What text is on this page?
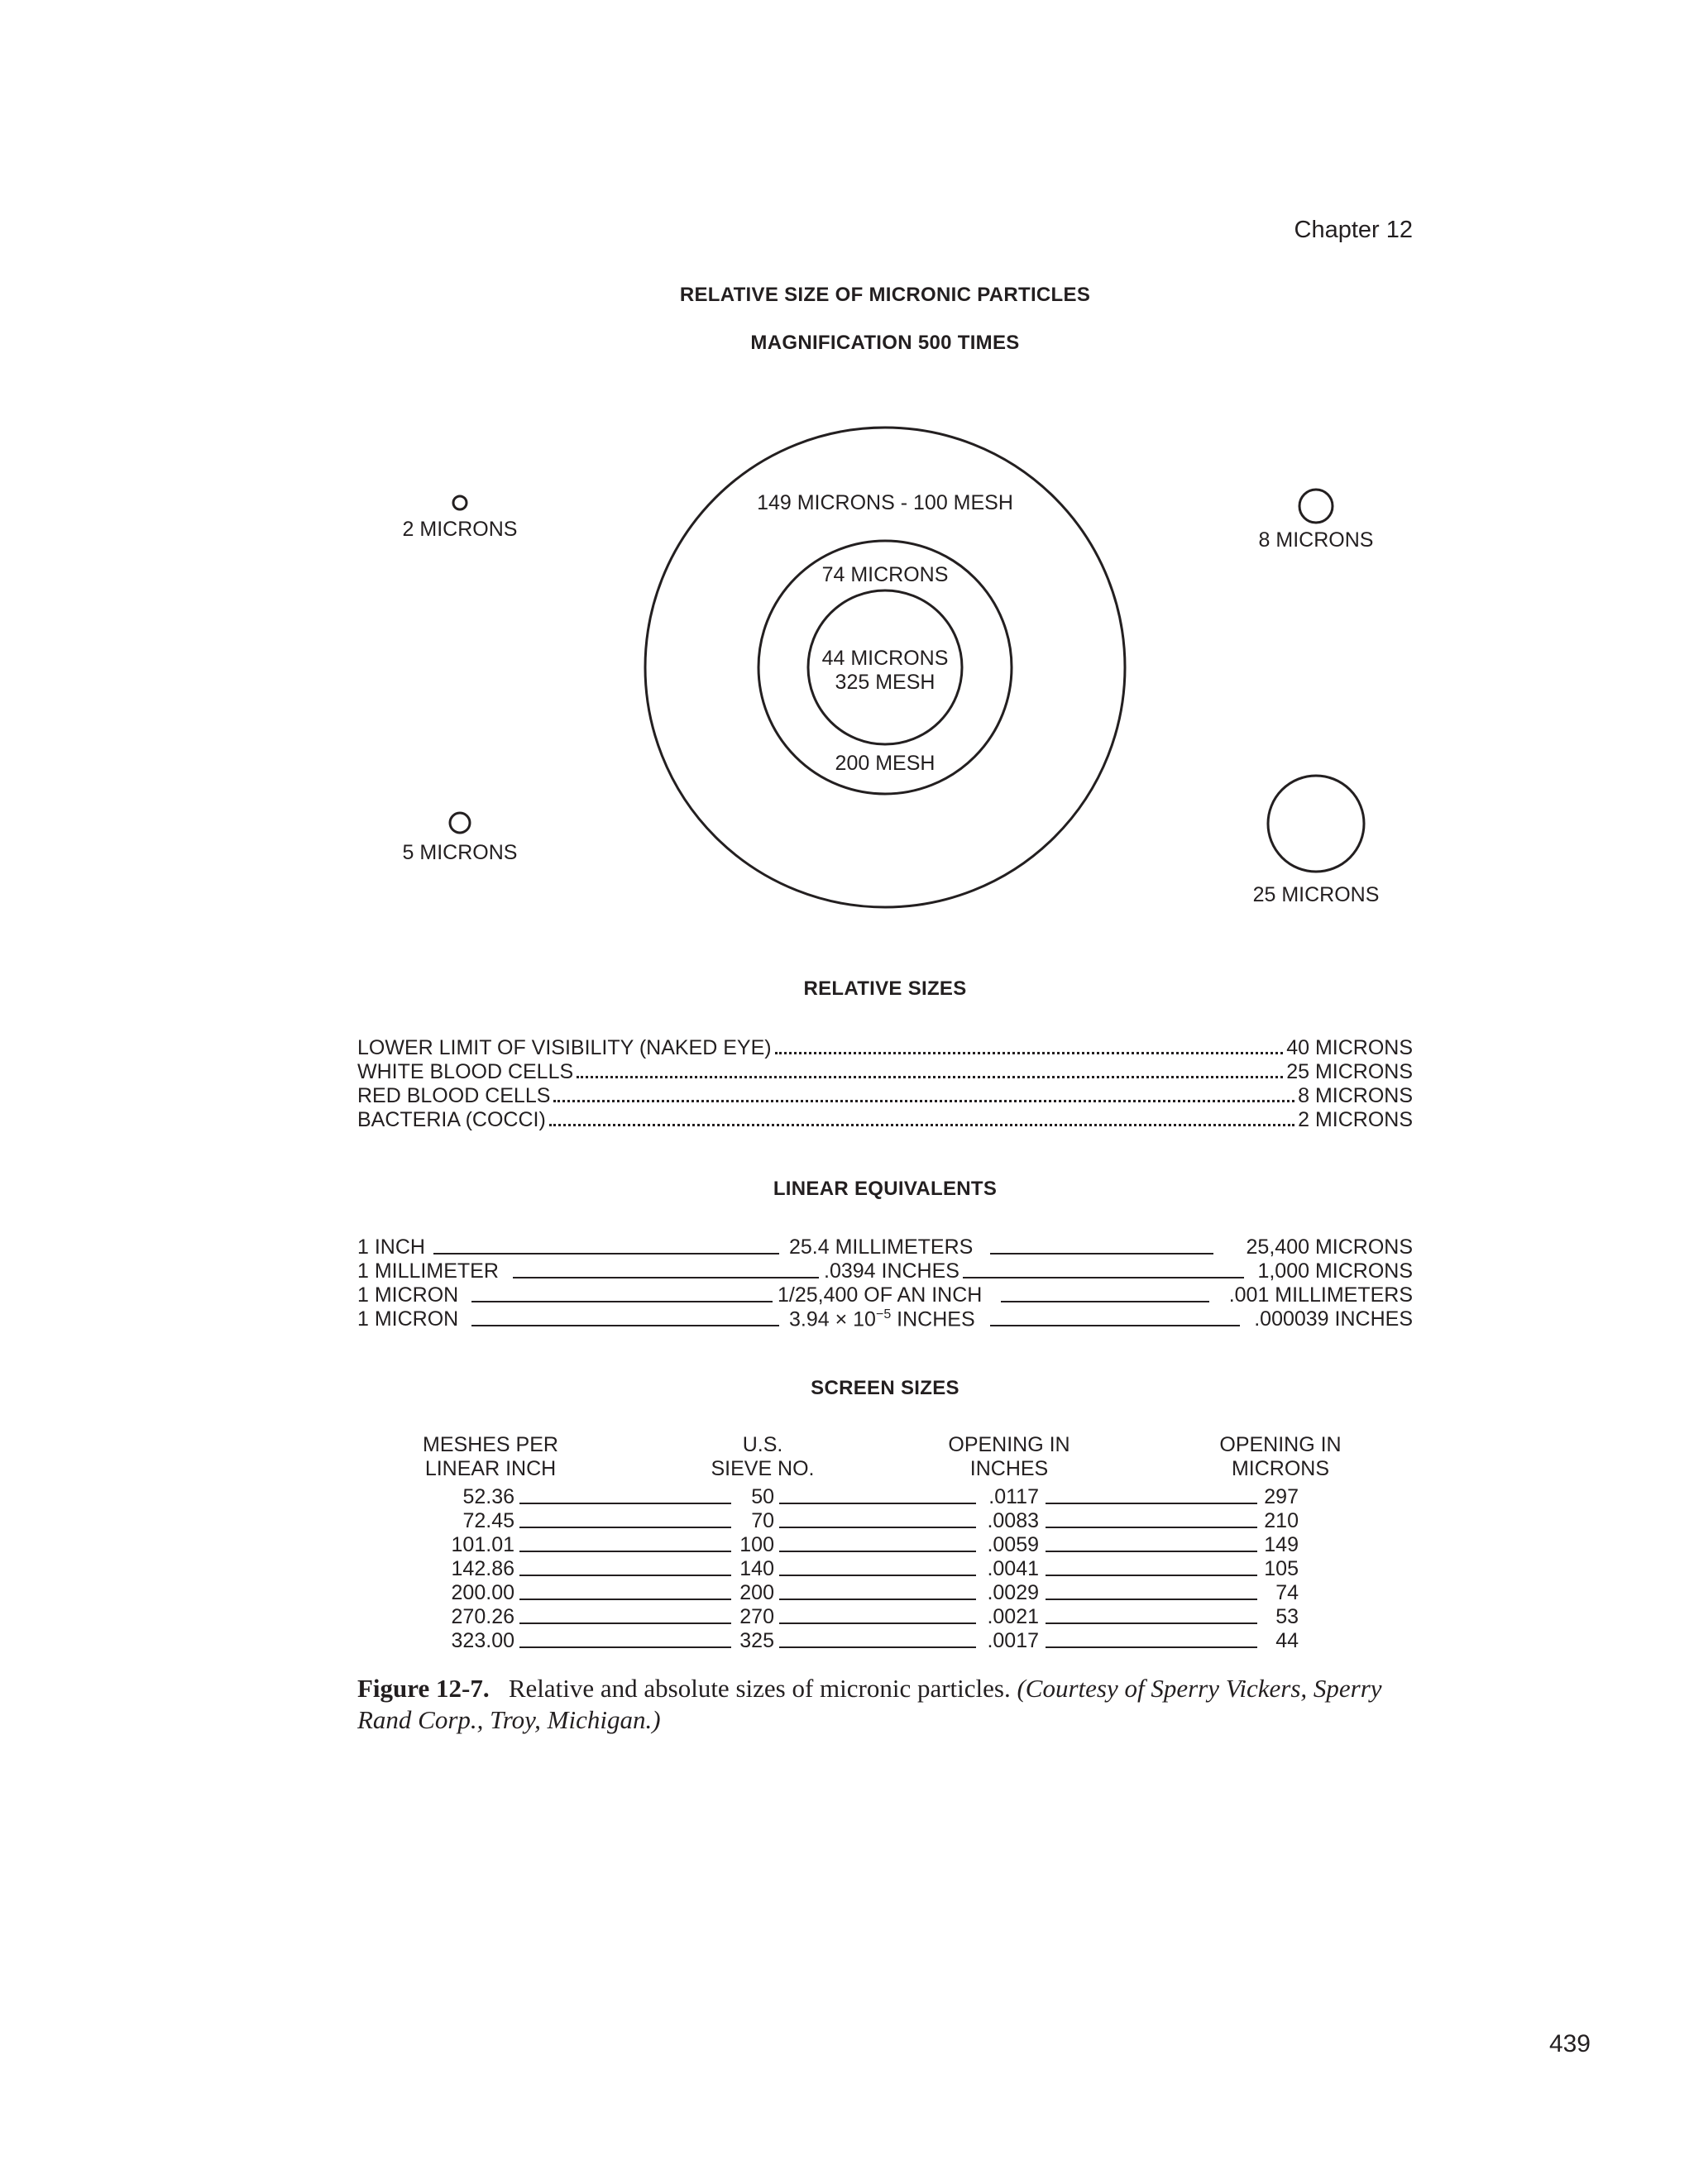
Chapter 12
RELATIVE SIZE OF MICRONIC PARTICLES
MAGNIFICATION 500 TIMES
2 MICRONS	8 MICRONS
5 MICRONS
25 MICRONS
149 MICRONS - 100 MESH
74 MICRONS
200 MESH
44 MICRONS
325 MESH
RELATIVE SIZES
LOWER LIMIT OF VISIBILITY (NAKED EYE)	40 MICRONS
WHITE BLOOD CELLS	25 MICRONS
RED BLOOD CELLS	8 MICRONS
BACTERIA (COCCI)	2 MICRONS
LINEAR EQUIVALENTS
1 INCH	25.4 MILLIMETERS	25,400 MICRONS
1 MILLIMETER	.0394 INCHES	1,000 MICRONS
1 MICRON	1/25,400 OF AN INCH	.001 MILLIMETERS
1 MICRON	$3.94 \times 10^{-5}$ INCHES	.000039 INCHES
SCREEN SIZES
MESHES PER
LINEAR INCH
U.S.
SIEVE NO.
OPENING IN
INCHES
OPENING IN
MICRONS
52.36	50	.0117	297
72.45	70	.0083	210
101.01	100	.0059	149
142.86	140	.0041	105
200.00	200	.0029	74
270.26	270	.0021	53
323.00	325	.0017	44
Figure 12-7. Relative and absolute sizes of micronic particles. (Courtesy of Sperry Vickers, Sperry Rand Corp., Troy, Michigan.)
439
